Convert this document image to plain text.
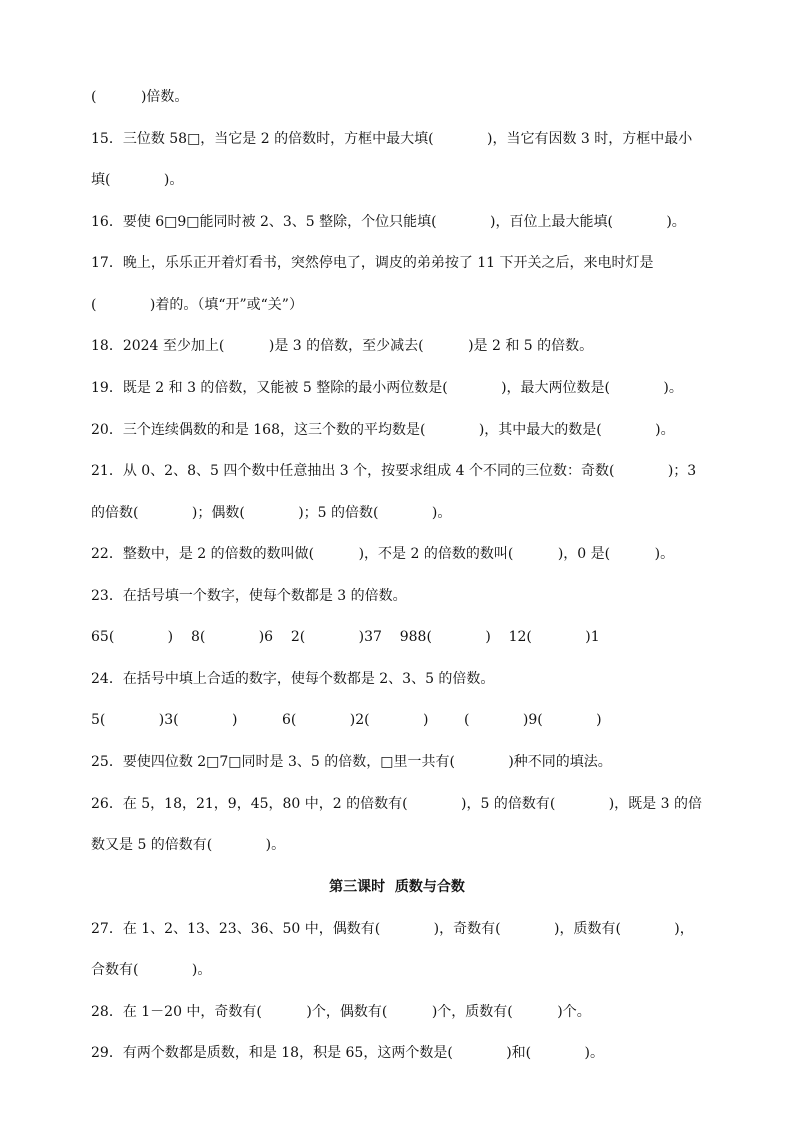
(          )倍数。
15．三位数 58□，当它是 2 的倍数时，方框中最大填(            )，当它有因数 3 时，方框中最小
填(            )。
16．要使 6□9□能同时被 2、3、5 整除，个位只能填(            )，百位上最大能填(            )。
17．晚上，乐乐正开着灯看书，突然停电了，调皮的弟弟按了 11 下开关之后，来电时灯是
(            )着的。（填“开”或“关”）
18．2024 至少加上(          )是 3 的倍数，至少减去(          )是 2 和 5 的倍数。
19．既是 2 和 3 的倍数，又能被 5 整除的最小两位数是(            )，最大两位数是(            )。
20．三个连续偶数的和是 168，这三个数的平均数是(            )，其中最大的数是(            )。
21．从 0、2、8、5 四个数中任意抽出 3 个，按要求组成 4 个不同的三位数：奇数(            )；3
的倍数(            )；偶数(            )；5 的倍数(            )。
22．整数中，是 2 的倍数的数叫做(          )，不是 2 的倍数的数叫(          )，0 是(          )。
23．在括号填一个数字，使每个数都是 3 的倍数。
65(            )    8(            )6    2(            )37    988(            )    12(            )1
24．在括号中填上合适的数字，使每个数都是 2、3、5 的倍数。
5(            )3(            )          6(            )2(            )        (            )9(            )
25．要使四位数 2□7□同时是 3、5 的倍数，□里一共有(            )种不同的填法。
26．在 5，18，21，9，45，80 中，2 的倍数有(            )，5 的倍数有(            )，既是 3 的倍
数又是 5 的倍数有(            )。
第三课时  质数与合数
27．在 1、2、13、23、36、50 中，偶数有(            )，奇数有(            )，质数有(            )，
合数有(            )。
28．在 1－20 中，奇数有(          )个，偶数有(          )个，质数有(          )个。
29．有两个数都是质数，和是 18，积是 65，这两个数是(            )和(            )。
